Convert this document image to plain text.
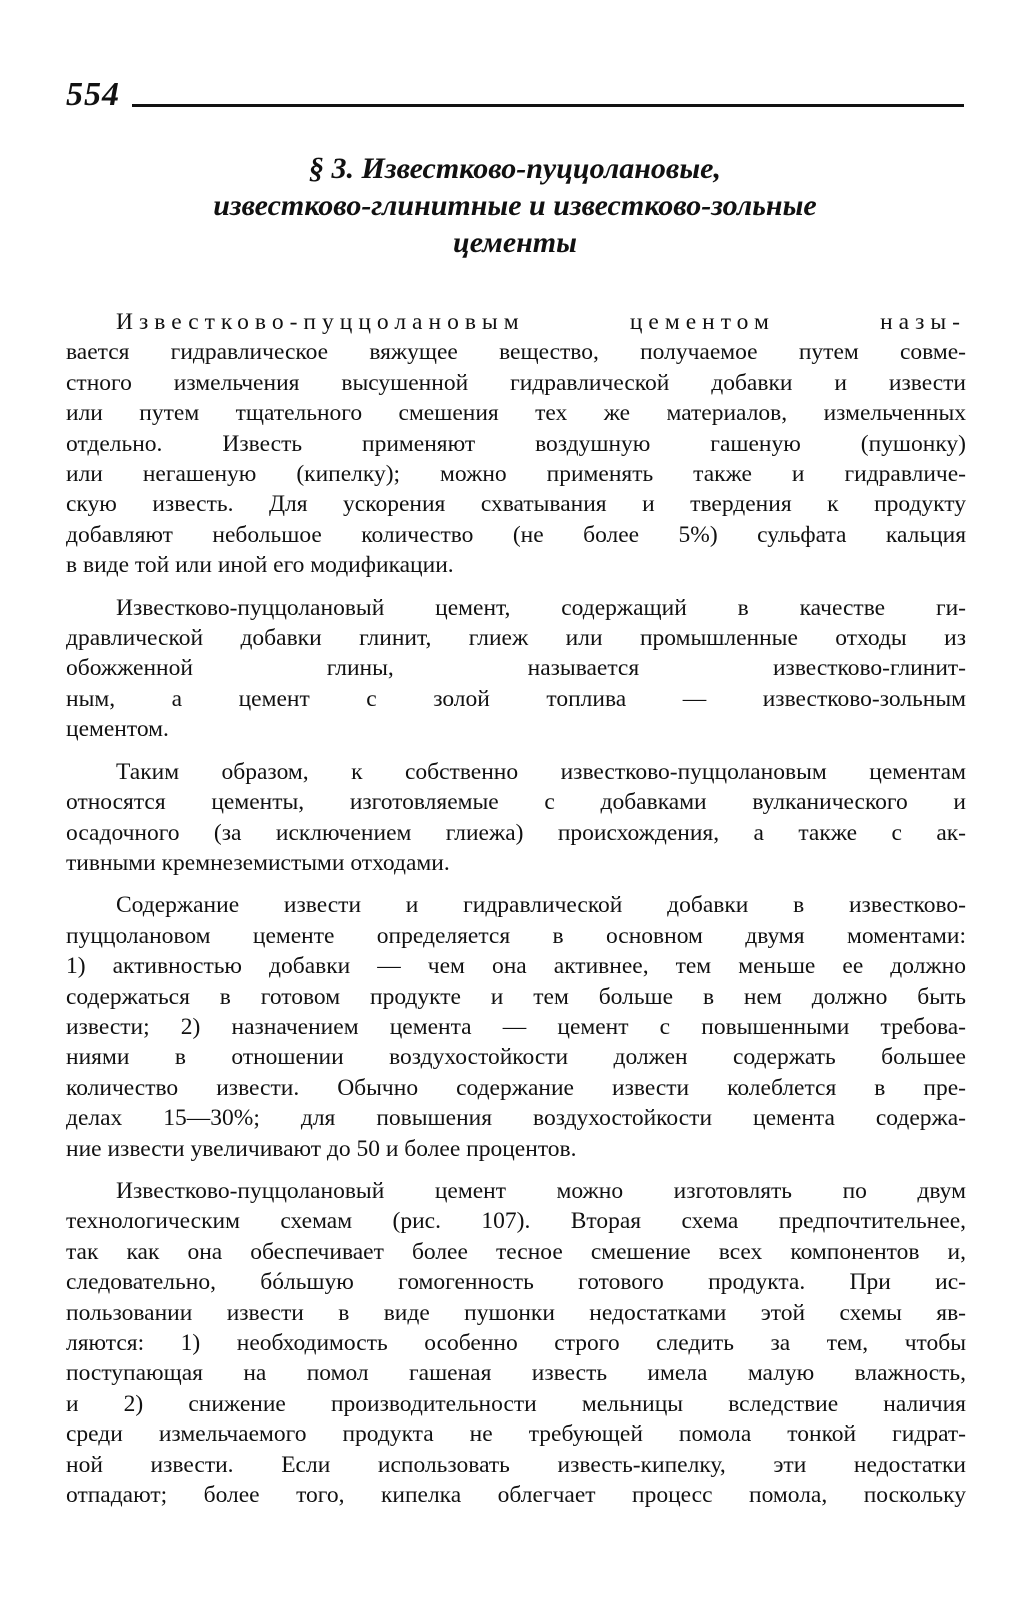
554
§ 3. Известково-пуццолановые,
известково-глинитные и известково-зольные
цементы

Известково-пуццолановым цементом назы-
вается гидравлическое вяжущее вещество, получаемое путем совме-
стного измельчения высушенной гидравлической добавки и извести
или путем тщательного смешения тех же материалов, измельченных
отдельно. Известь применяют воздушную гашеную (пушонку)
или негашеную (кипелку); можно применять также и гидравличе-
скую известь. Для ускорения схватывания и твердения к продукту
добавляют небольшое количество (не более 5%) сульфата кальция
в виде той или иной его модификации.

Известково-пуццолановый цемент, содержащий в качестве ги-
дравлической добавки глинит, глиеж или промышленные отходы из
обожженной глины, называется известково-глинит-
ным, а цемент с золой топлива — известково-зольным
цементом.

Таким образом, к собственно известково-пуццолановым цементам
относятся цементы, изготовляемые с добавками вулканического и
осадочного (за исключением глиежа) происхождения, а также с ак-
тивными кремнеземистыми отходами.

Содержание извести и гидравлической добавки в известково-
пуццолановом цементе определяется в основном двумя моментами:
1) активностью добавки — чем она активнее, тем меньше ее должно
содержаться в готовом продукте и тем больше в нем должно быть
извести; 2) назначением цемента — цемент с повышенными требова-
ниями в отношении воздухостойкости должен содержать большее
количество извести. Обычно содержание извести колеблется в пре-
делах 15—30%; для повышения воздухостойкости цемента содержа-
ние извести увеличивают до 50 и более процентов.

Известково-пуццолановый цемент можно изготовлять по двум
технологическим схемам (рис. 107). Вторая схема предпочтительнее,
так как она обеспечивает более тесное смешение всех компонентов и,
следовательно, бóльшую гомогенность готового продукта. При ис-
пользовании извести в виде пушонки недостатками этой схемы яв-
ляются: 1) необходимость особенно строго следить за тем, чтобы
поступающая на помол гашеная известь имела малую влажность,
и 2) снижение производительности мельницы вследствие наличия
среди измельчаемого продукта не требующей помола тонкой гидрат-
ной извести. Если использовать известь-кипелку, эти недостатки
отпадают; более того, кипелка облегчает процесс помола, поскольку
